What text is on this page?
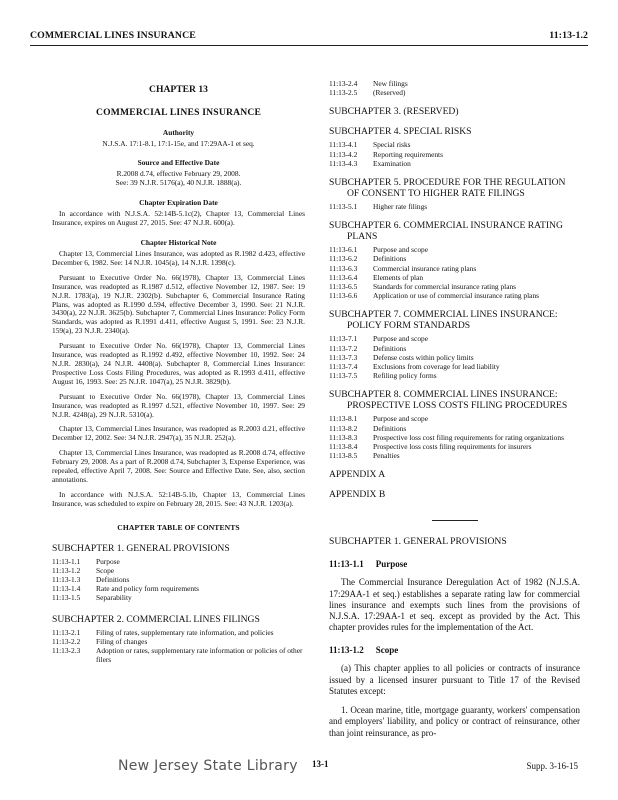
COMMERCIAL LINES INSURANCE	11:13-1.2
CHAPTER 13
COMMERCIAL LINES INSURANCE
Authority
N.J.S.A. 17:1-8.1, 17:1-15e, and 17:29AA-1 et seq.
Source and Effective Date
R.2008 d.74, effective February 29, 2008.
See: 39 N.J.R. 5176(a), 40 N.J.R. 1888(a).
Chapter Expiration Date
In accordance with N.J.S.A. 52:14B-5.1c(2), Chapter 13, Commercial Lines Insurance, expires on August 27, 2015. See: 47 N.J.R. 600(a).
Chapter Historical Note
Chapter 13, Commercial Lines Insurance, was adopted as R.1982 d.423, effective December 6, 1982. See: 14 N.J.R. 1045(a), 14 N.J.R. 1398(c).
Pursuant to Executive Order No. 66(1978), Chapter 13, Commercial Lines Insurance, was readopted as R.1987 d.512, effective November 12, 1987. See: 19 N.J.R. 1783(a), 19 N.J.R. 2302(b). Subchapter 6, Commercial Insurance Rating Plans, was adopted as R.1990 d.594, effective December 3, 1990. See: 21 N.J.R. 3430(a), 22 N.J.R. 3625(b). Subchapter 7, Commercial Lines Insurance: Policy Form Standards, was adopted as R.1991 d.411, effective August 5, 1991. See: 23 N.J.R. 159(a), 23 N.J.R. 2340(a).
Pursuant to Executive Order No. 66(1978), Chapter 13, Commercial Lines Insurance, was readopted as R.1992 d.492, effective November 10, 1992. See: 24 N.J.R. 2830(a), 24 N.J.R. 4408(a). Subchapter 8, Commercial Lines Insurance: Prospective Loss Costs Filing Procedures, was adopted as R.1993 d.411, effective August 16, 1993. See: 25 N.J.R. 1047(a), 25 N.J.R. 3829(b).
Pursuant to Executive Order No. 66(1978), Chapter 13, Commercial Lines Insurance, was readopted as R.1997 d.521, effective November 10, 1997. See: 29 N.J.R. 4248(a), 29 N.J.R. 5310(a).
Chapter 13, Commercial Lines Insurance, was readopted as R.2003 d.21, effective December 12, 2002. See: 34 N.J.R. 2947(a), 35 N.J.R. 252(a).
Chapter 13, Commercial Lines Insurance, was readopted as R.2008 d.74, effective February 29, 2008. As a part of R.2008 d.74, Subchapter 3, Expense Experience, was repealed, effective April 7, 2008. See: Source and Effective Date. See, also, section annotations.
In accordance with N.J.S.A. 52:14B-5.1b, Chapter 13, Commercial Lines Insurance, was scheduled to expire on February 28, 2015. See: 43 N.J.R. 1203(a).
CHAPTER TABLE OF CONTENTS
SUBCHAPTER 1. GENERAL PROVISIONS
11:13-1.1	Purpose
11:13-1.2	Scope
11:13-1.3	Definitions
11:13-1.4	Rate and policy form requirements
11:13-1.5	Separability
SUBCHAPTER 2. COMMERCIAL LINES FILINGS
11:13-2.1	Filing of rates, supplementary rate information, and policies
11:13-2.2	Filing of changes
11:13-2.3	Adoption or rates, supplementary rate information or policies of other filers
11:13-2.4	New filings
11:13-2.5	(Reserved)
SUBCHAPTER 3. (RESERVED)
SUBCHAPTER 4. SPECIAL RISKS
11:13-4.1	Special risks
11:13-4.2	Reporting requirements
11:13-4.3	Examination
SUBCHAPTER 5. PROCEDURE FOR THE REGULATION
OF CONSENT TO HIGHER RATE FILINGS
11:13-5.1	Higher rate filings
SUBCHAPTER 6. COMMERCIAL INSURANCE RATING
PLANS
11:13-6.1	Purpose and scope
11:13-6.2	Definitions
11:13-6.3	Commercial insurance rating plans
11:13-6.4	Elements of plan
11:13-6.5	Standards for commercial insurance rating plans
11:13-6.6	Application or use of commercial insurance rating plans
SUBCHAPTER 7. COMMERCIAL LINES INSURANCE:
POLICY FORM STANDARDS
11:13-7.1	Purpose and scope
11:13-7.2	Definitions
11:13-7.3	Defense costs within policy limits
11:13-7.4	Exclusions from coverage for lead liability
11:13-7.5	Refiling policy forms
SUBCHAPTER 8. COMMERCIAL LINES INSURANCE:
PROSPECTIVE LOSS COSTS FILING PROCEDURES
11:13-8.1	Purpose and scope
11:13-8.2	Definitions
11:13-8.3	Prospective loss cost filing requirements for rating organizations
11:13-8.4	Prospective loss costs filing requirements for insurers
11:13-8.5	Penalties
APPENDIX A
APPENDIX B
SUBCHAPTER 1. GENERAL PROVISIONS
11:13-1.1 Purpose
The Commercial Insurance Deregulation Act of 1982 (N.J.S.A. 17:29AA-1 et seq.) establishes a separate rating law for commercial lines insurance and exempts such lines from the provisions of N.J.S.A. 17:29AA-1 et seq. except as provided by the Act. This chapter provides rules for the implementation of the Act.
11:13-1.2 Scope
(a) This chapter applies to all policies or contracts of insurance issued by a licensed insurer pursuant to Title 17 of the Revised Statutes except:
1. Ocean marine, title, mortgage guaranty, workers' compensation and employers' liability, and policy or contract of reinsurance, other than joint reinsurance, as pro-
New Jersey State Library 13-1	Supp. 3-16-15
